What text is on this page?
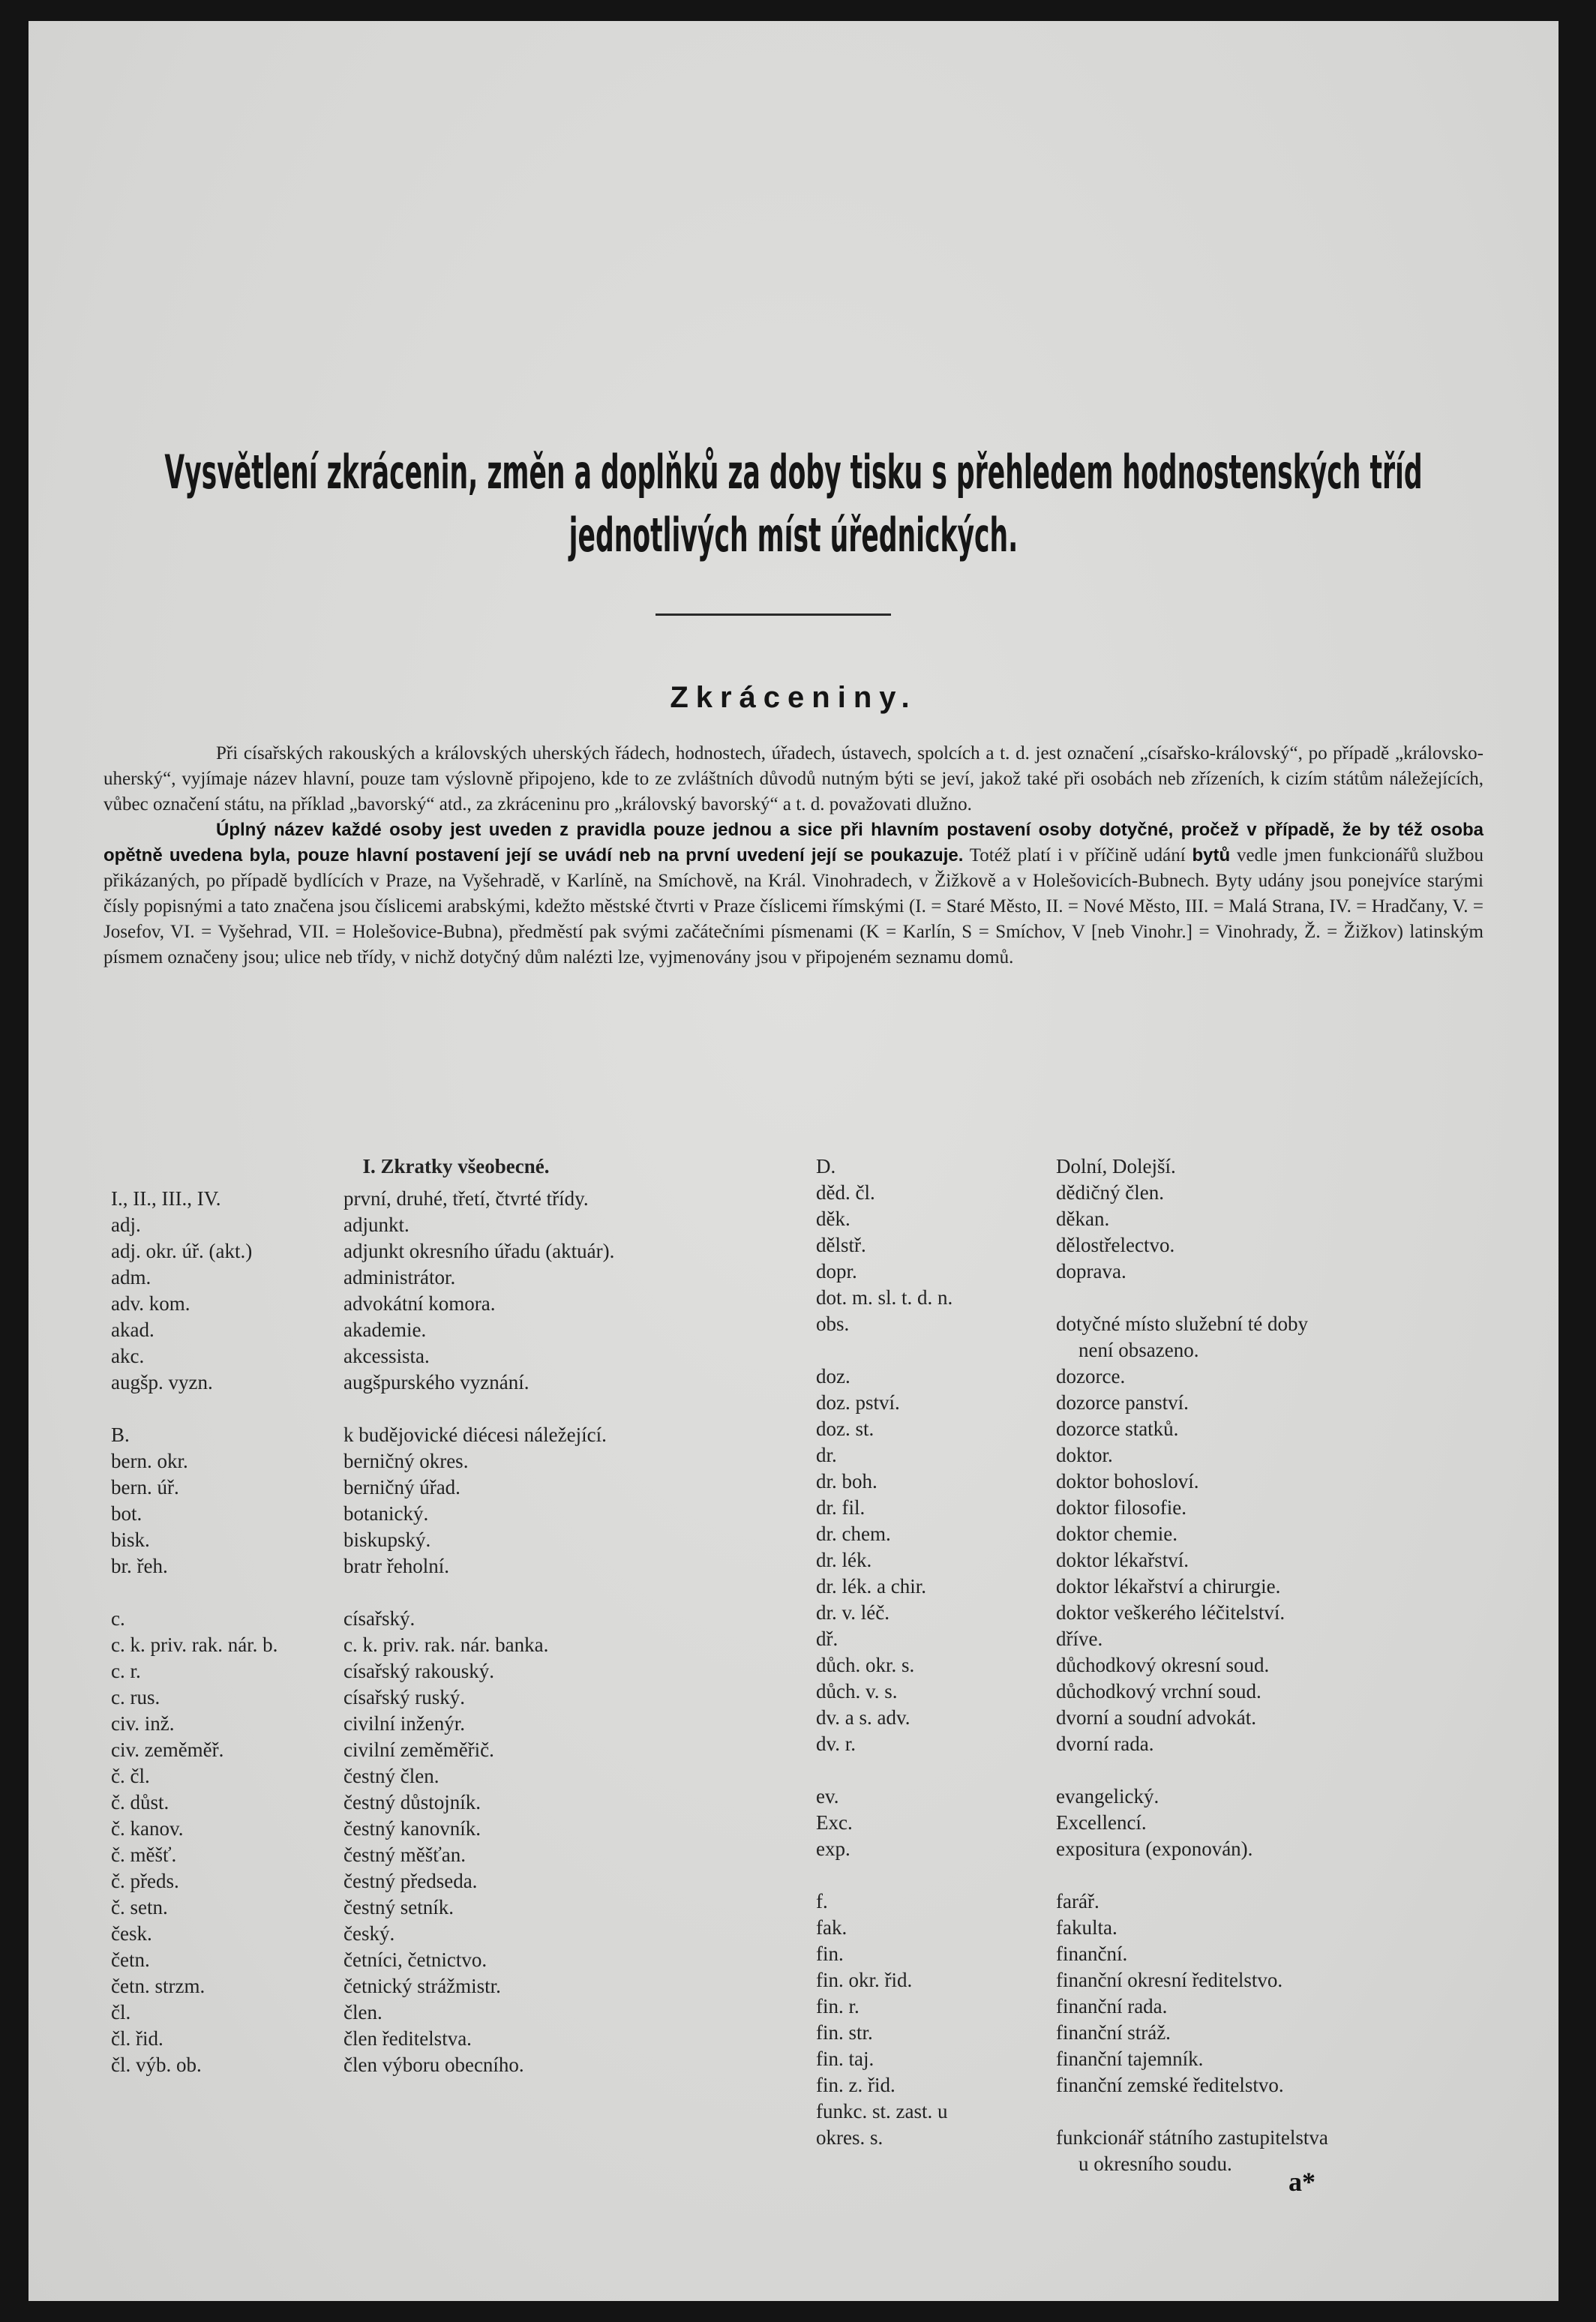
Vysvětlení zkrácenin, změn a doplňků za doby tisku s přehledem hodnostenských tříd
jednotlivých míst úřednických.
Zkráceniny.

Při císařských rakouských a královských uherských řádech, hodnostech, úřadech, ústavech, spolcích a t. d. jest označení „císařsko-královský“, po případě „královsko-uherský“, vyjímaje název hlavní, pouze tam výslovně připojeno, kde to ze zvláštních důvodů nutným býti se jeví, jakož také při osobách neb zřízeních, k cizím státům náležejících, vůbec označení státu, na příklad „bavorský“ atd., za zkráceninu pro „královský bavorský“ a t. d. považovati dlužno.

Úplný název každé osoby jest uveden z pravidla pouze jednou a sice při hlavním postavení osoby dotyčné, pročež v případě, že by též osoba opětně uvedena byla, pouze hlavní postavení její se uvádí neb na první uvedení její se poukazuje. Totéž platí i v příčině udání bytů vedle jmen funkcionářů službou přikázaných, po případě bydlících v Praze, na Vyšehradě, v Karlíně, na Smíchově, na Král. Vinohradech, v Žižkově a v Holešovicích-Bubnech. Byty udány jsou ponejvíce starými čísly popisnými a tato značena jsou číslicemi arabskými, kdežto městské čtvrti v Praze číslicemi římskými (I. = Staré Město, II. = Nové Město, III. = Malá Strana, IV. = Hradčany, V. = Josefov, VI. = Vyšehrad, VII. = Holešovice-Bubna), předměstí pak svými začátečními písmenami (K = Karlín, S = Smíchov, V [neb Vinohr.] = Vinohrady, Ž. = Žižkov) latinským písmem označeny jsou; ulice neb třídy, v nichž dotyčný dům nalézti lze, vyjmenovány jsou v připojeném seznamu domů.

I. Zkratky všeobecné.
I., II., III., IV.	první, druhé, třetí, čtvrté třídy.
adj.	adjunkt.
adj. okr. úř. (akt.)	adjunkt okresního úřadu (aktuár).
adm.	administrátor.
adv. kom.	advokátní komora.
akad.	akademie.
akc.	akcessista.
augšp. vyzn.	augšpurského vyznání.
B.	k budějovické diécesi náležející.
bern. okr.	berničný okres.
bern. úř.	berničný úřad.
bot.	botanický.
bisk.	biskupský.
br. řeh.	bratr řeholní.
c.	císařský.
c. k. priv. rak. nár. b.	c. k. priv. rak. nár. banka.
c. r.	císařský rakouský.
c. rus.	císařský ruský.
civ. inž.	civilní inženýr.
civ. zeměměř.	civilní zeměměřič.
č. čl.	čestný člen.
č. důst.	čestný důstojník.
č. kanov.	čestný kanovník.
č. měšť.	čestný měšťan.
č. předs.	čestný předseda.
č. setn.	čestný setník.
česk.	český.
četn.	četníci, četnictvo.
četn. strzm.	četnický strážmistr.
čl.	člen.
čl. řid.	člen ředitelstva.
čl. výb. ob.	člen výboru obecního.
D.	Dolní, Dolejší.
děd. čl.	dědičný člen.
děk.	děkan.
dělstř.	dělostřelectvo.
dopr.	doprava.
dot. m. sl. t. d. n.
obs.	dotyčné místo služební té doby
není obsazeno.
doz.	dozorce.
doz. pství.	dozorce panství.
doz. st.	dozorce statků.
dr.	doktor.
dr. boh.	doktor bohosloví.
dr. fil.	doktor filosofie.
dr. chem.	doktor chemie.
dr. lék.	doktor lékařství.
dr. lék. a chir.	doktor lékařství a chirurgie.
dr. v. léč.	doktor veškerého léčitelství.
dř.	dříve.
důch. okr. s.	důchodkový okresní soud.
důch. v. s.	důchodkový vrchní soud.
dv. a s. adv.	dvorní a soudní advokát.
dv. r.	dvorní rada.
ev.	evangelický.
Exc.	Excellencí.
exp.	expositura (exponován).
f.	farář.
fak.	fakulta.
fin.	finanční.
fin. okr. řid.	finanční okresní ředitelstvo.
fin. r.	finanční rada.
fin. str.	finanční stráž.
fin. taj.	finanční tajemník.
fin. z. řid.	finanční zemské ředitelstvo.
funkc. st. zast. u
okres. s.	funkcionář státního zastupitelstva
u okresního soudu.
a*
